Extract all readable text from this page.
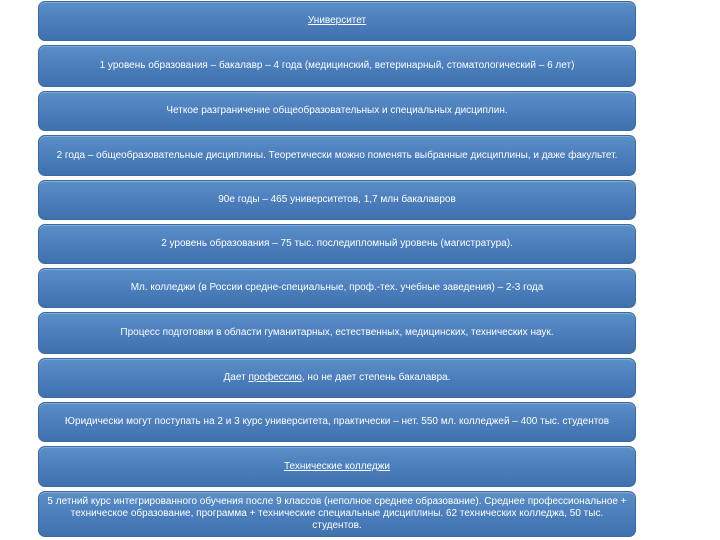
Университет
1 уровень образования – бакалавр – 4 года (медицинский, ветеринарный, стоматологический – 6 лет)
Четкое разграничение общеобразовательных и специальных дисциплин.
2 года – общеобразовательные дисциплины. Теоретически можно поменять выбранные дисциплины, и даже факультет.
90е годы – 465 университетов, 1,7 млн бакалавров
2 уровень образования – 75 тыс. последипломный уровень (магистратура).
Мл. колледжи (в России средне-специальные, проф.-тех. учебные заведения) – 2-3 года
Процесс подготовки в области гуманитарных, естественных, медицинских, технических наук.
Дает профессию, но не дает степень бакалавра.
Юридически могут поступать на 2 и 3 курс университета, практически – нет. 550 мл. колледжей – 400 тыс. студентов
Технические колледжи
5 летний курс интегрированного обучения после 9 классов (неполное среднее образование). Среднее профессиональное + техническое образование, программа + технические специальные дисциплины. 62 технических колледжа, 50 тыс. студентов.
